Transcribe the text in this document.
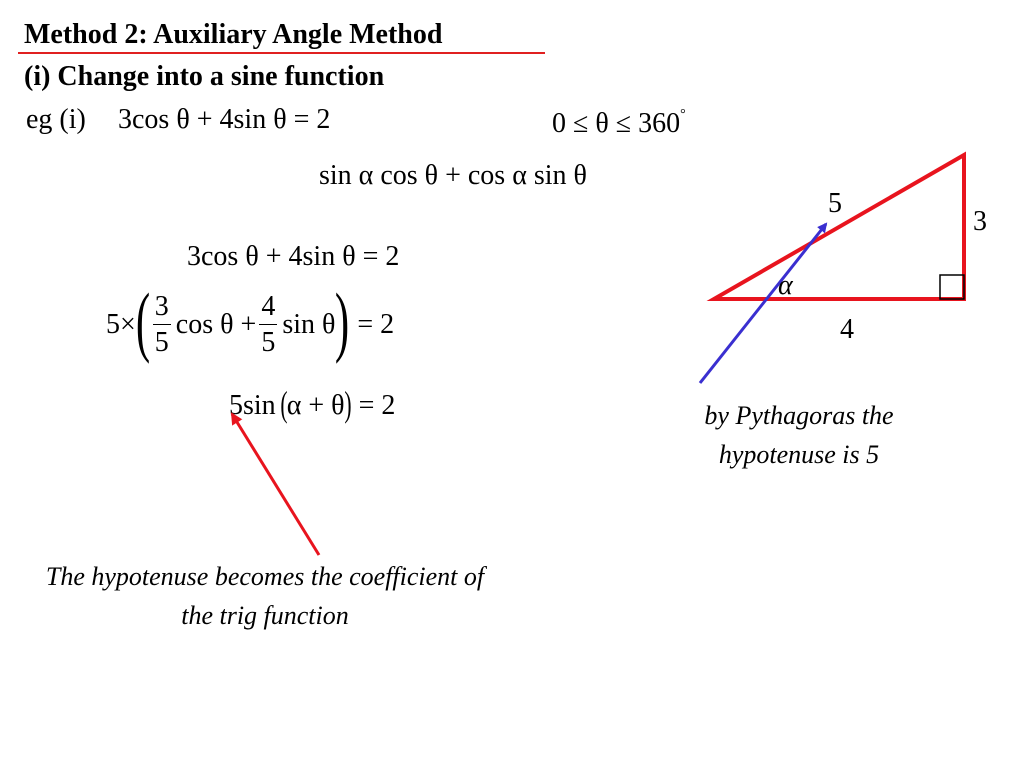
Method 2: Auxiliary Angle Method
(i) Change into a sine function
eg (i) 3cos θ + 4sin θ = 2	0 ≤ θ ≤ 360°
sin α cos θ + cos α sin θ
3cos θ + 4sin θ = 2
5× ( $\frac{3}{5}$ $\cos \theta + \frac{4}{5}$ sin θ ) = 2
5sin ( α + θ ) = 2
5
3
4
α
by Pythagoras the hypotenuse is 5
The hypotenuse becomes the coefficient of the trig function
